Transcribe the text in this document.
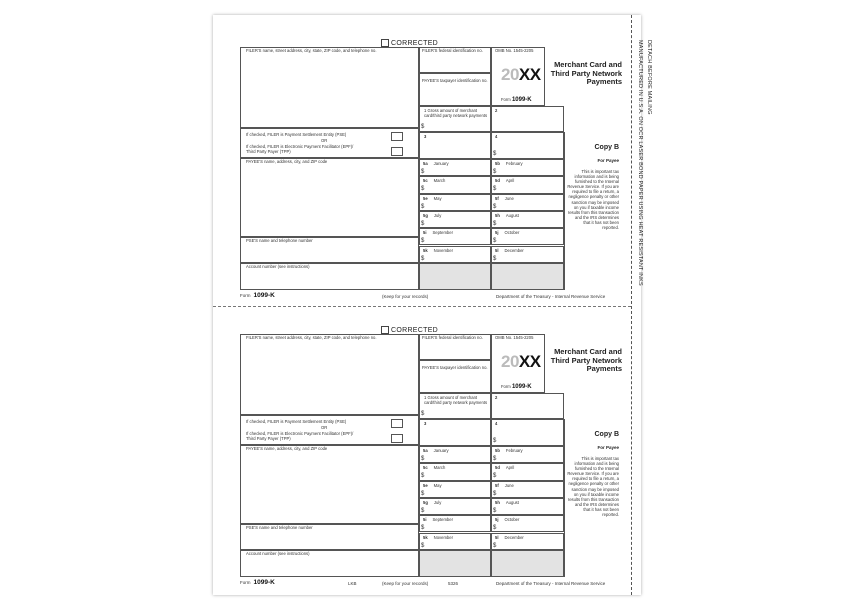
DETACH BEFORE MAILING
MANUFACTURED IN U.S.A. ON OCR LASER BOND PAPER USING HEAT RESISTANT INKS
CORRECTED
FILER'S name, street address, city, state, ZIP code, and telephone no.
If checked, FILER is Payment Settlement Entity (PSE)
OR
If checked, FILER is Electronic Payment Facilitator (EPF)/ Third Party Payer (TPP)
PAYEE'S name, address, city, and ZIP code
PSE'S name and telephone number
Account number (see instructions)
FILER'S federal identification no.
PAYEE'S taxpayer identification no.
OMB No. 1545-2205
20XX
Form 1099-K
Merchant Card and Third Party Network Payments
1 Gross amount of merchant card/third party network payments
$
2
3	4
$
5a January
$
5b February
$
5c March
$
5d April
$
5e May
$
5f June
$
5g July
$
5h August
$
5i September
$
5j October
$
5k November
$
5l December
$
Copy B
For Payee
This is important tax information and is being furnished to the Internal Revenue Service. If you are required to file a return, a negligence penalty or other sanction may be imposed on you if taxable income results from this transaction and the IRS determines that it has not been reported.
Form 1099-K	(Keep for your records)	Department of the Treasury - Internal Revenue Service
CORRECTED
FILER'S name, street address, city, state, ZIP code, and telephone no.
If checked, FILER is Payment Settlement Entity (PSE)
OR
If checked, FILER is Electronic Payment Facilitator (EPF)/ Third Party Payer (TPP)
PAYEE'S name, address, city, and ZIP code
PSE'S name and telephone number
Account number (see instructions)
FILER'S federal identification no.
PAYEE'S taxpayer identification no.
OMB No. 1545-2205
20XX
Form 1099-K
Merchant Card and Third Party Network Payments
1 Gross amount of merchant card/third party network payments
$
2
3	4
$
5a January
$
5b February
$
5c March
$
5d April
$
5e May
$
5f June
$
5g July
$
5h August
$
5i September
$
5j October
$
5k November
$
5l December
$
Copy B
For Payee
This is important tax information and is being furnished to the Internal Revenue Service. If you are required to file a return, a negligence penalty or other sanction may be imposed on you if taxable income results from this transaction and the IRS determines that it has not been reported.
Form 1099-K	LKB	(Keep for your records)	5326	Department of the Treasury - Internal Revenue Service
